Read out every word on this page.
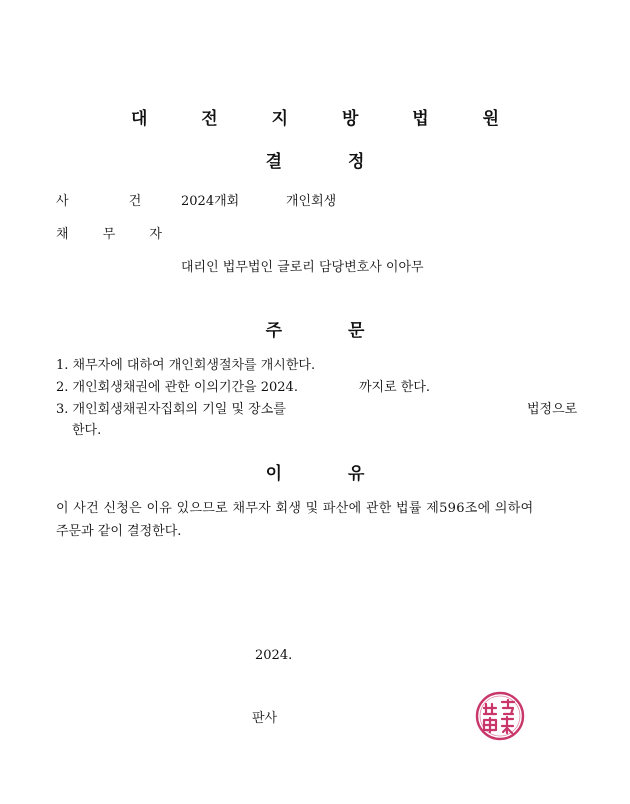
대 전 지 방 법 원
결 정
사 건 2024개회	개인회생
채 무 자
대리인 법무법인 글로리 담당변호사 이아무
주 문
1. 채무자에 대하여 개인회생절차를 개시한다.
2. 개인회생채권에 관한 이의기간을 2024.	까지로 한다.
3. 개인회생채권자집회의 기일 및 장소를	법정으로
한다.
이 유
이 사건 신청은 이유 있으므로 채무자 회생 및 파산에 관한 법률 제596조에 의하여
주문과 같이 결정한다.
2024.
판사
